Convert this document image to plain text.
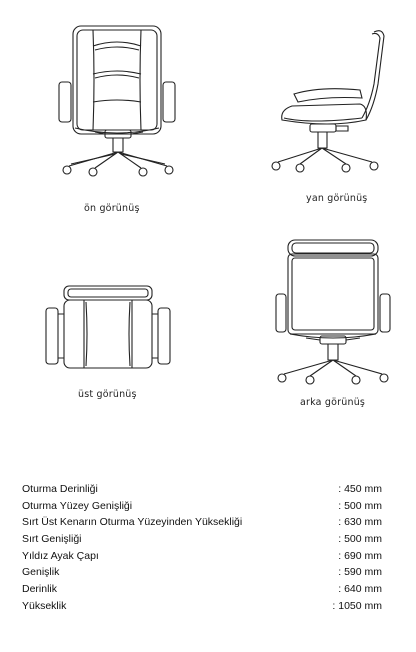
ön görünüş
yan görünüş
üst görünüş
arka görünüş
Oturma Derinliği	: 450 mm
Oturma Yüzey Genişliği	: 500 mm
Sırt Üst Kenarın Oturma Yüzeyinden Yüksekliği	: 630 mm
Sırt Genişliği	: 500 mm
Yıldız Ayak Çapı	: 690 mm
Genişlik	: 590 mm
Derinlik	: 640 mm
Yükseklik	: 1050 mm
